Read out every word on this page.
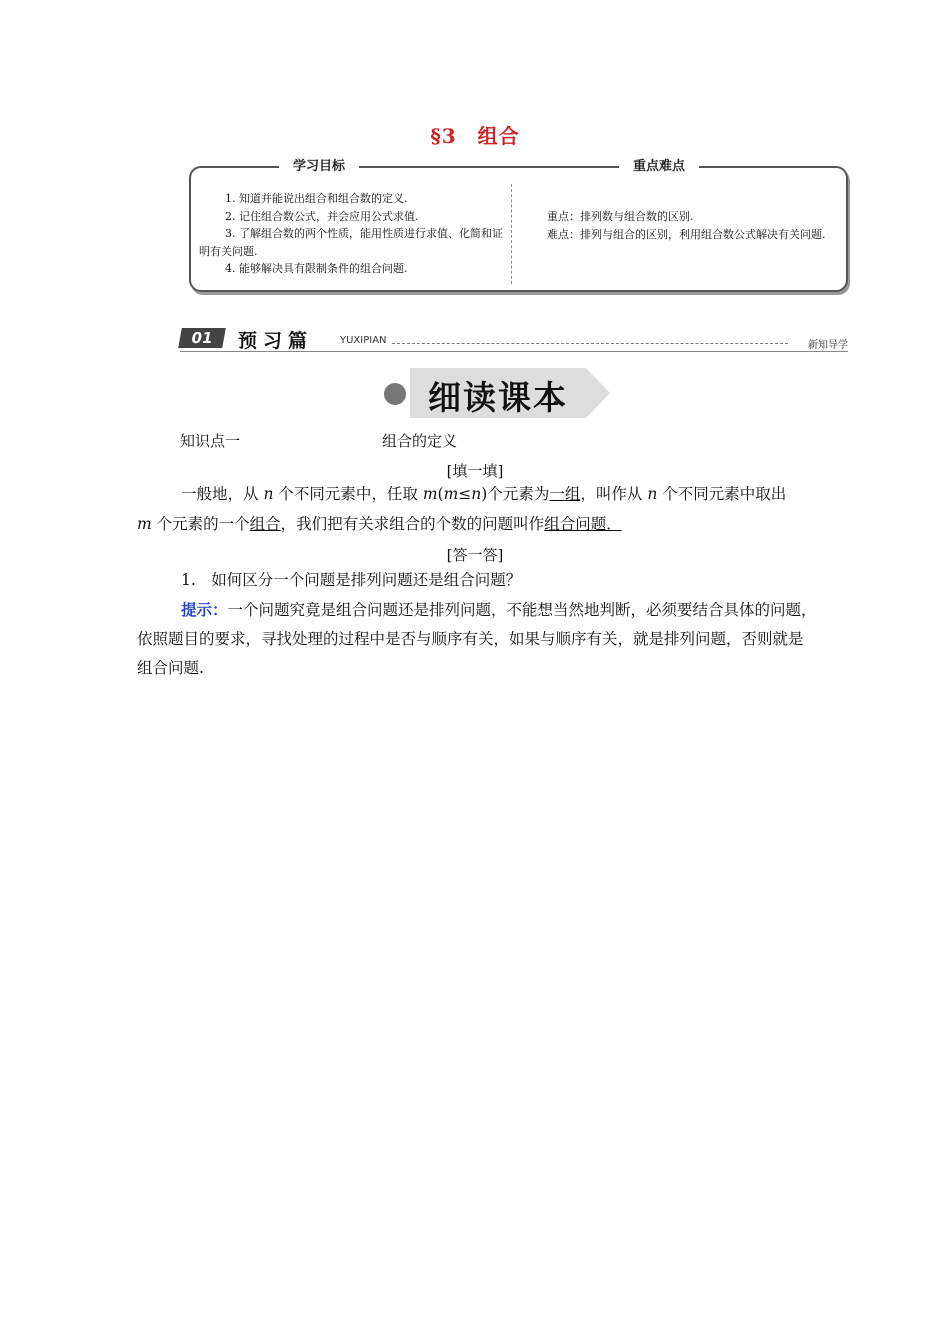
§3　组合
学习目标	重点难点

1. 知道并能说出组合和组合数的定义.

2. 记住组合数公式，并会应用公式求值.

3. 了解组合数的两个性质，能用性质进行求值、化简和证明有关问题.

4. 能够解决具有限制条件的组合问题.

重点：排列数与组合数的区别.

难点：排列与组合的区别，利用组合数公式解决有关问题.

01	预习篇	YUXIPIAN	新知导学
细读课本
知识点一	组合的定义
[填一填]
一般地，从 n 个不同元素中，任取 m(m≤n)个元素为一组，叫作从 n 个不同元素中取出
m 个元素的一个组合，我们把有关求组合的个数的问题叫作组合问题．
[答一答]
1.　如何区分一个问题是排列问题还是组合问题？
提示：一个问题究竟是组合问题还是排列问题，不能想当然地判断，必须要结合具体的问题，依照题目的要求，寻找处理的过程中是否与顺序有关，如果与顺序有关，就是排列问题，否则就是组合问题.
